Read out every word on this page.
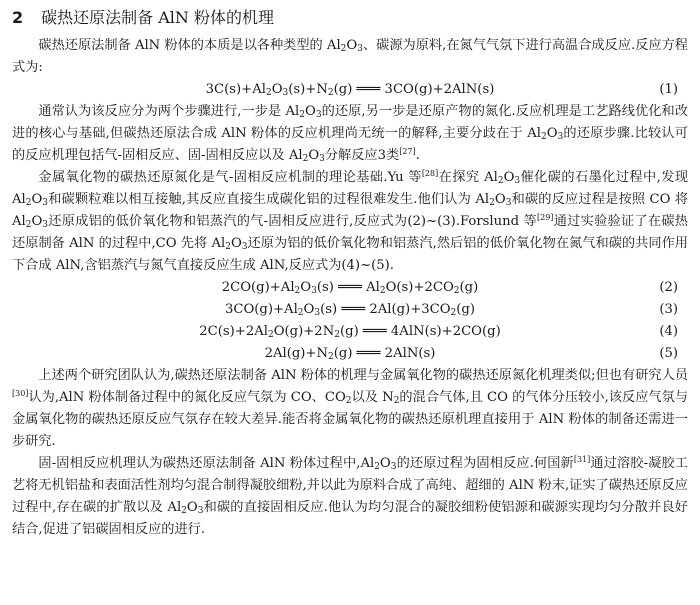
2 碳热还原法制备 AlN 粉体的机理

碳热还原法制备 AlN 粉体的本质是以各种类型的 $Al_2O_3$、碳源为原料,在氮气气氛下进行高温合成反应.反应方程式为:

$3C(s)+Al_2O_3(s)+N_2(g)$ ═══ 3CO(g)+2AlN(s)	(1)

通常认为该反应分为两个步骤进行,一步是 $Al_2O_3$的还原,另一步是还原产物的氮化.反应机理是工艺路线优化和改进的核心与基础,但碳热还原法合成 AlN 粉体的反应机理尚无统一的解释,主要分歧在于 $Al_2O_3$的还原步骤.比较认可的反应机理包括气-固相反应、固-固相反应以及 $Al_2O_3$分解反应3类[27].

金属氧化物的碳热还原氮化是气-固相反应机制的理论基础.Yu 等[28]在探究 $Al_2O_3$催化碳的石墨化过程中,发现 $Al_2O_3$和碳颗粒难以相互接触,其反应直接生成碳化铝的过程很难发生.他们认为 $Al_2O_3$和碳的反应过程是按照 CO 将 $Al_2O_3$还原成铝的低价氧化物和铝蒸汽的气-固相反应进行,反应式为(2)~(3).Forslund 等[29]通过实验验证了在碳热还原制备 AlN 的过程中,CO 先将 $Al_2O_3$还原为铝的低价氧化物和铝蒸汽,然后铝的低价氧化物在氮气和碳的共同作用下合成 AlN,含铝蒸汽与氮气直接反应生成 AlN,反应式为(4)~(5).

$2CO(g)+Al_2O_3(s)$ ═══ $Al_2O(s)+2CO_2(g)$	(2)
$3CO(g)+Al_2O_3(s)$ ═══ $2Al(g)+3CO_2(g)$	(3)
$2C(s)+2Al_2O(g)+2N_2(g)$ ═══ 4AlN(s)+2CO(g)	(4)
$2Al(g)+N_2(g)$ ═══ 2AlN(s)	(5)

上述两个研究团队认为,碳热还原法制备 AlN 粉体的机理与金属氧化物的碳热还原氮化机理类似;但也有研究人员[30]认为,AlN 粉体制备过程中的氮化反应气氛为 CO、$CO_2$以及 $N_2$的混合气体,且 CO 的气体分压较小,该反应气氛与金属氧化物的碳热还原反应气氛存在较大差异.能否将金属氧化物的碳热还原机理直接用于 AlN 粉体的制备还需进一步研究.

固-固相反应机理认为碳热还原法制备 AlN 粉体过程中$,Al_2O_3$的还原过程为固相反应.何国新[31]通过溶胶-凝胶工艺将无机铝盐和表面活性剂均匀混合制得凝胶细粉,并以此为原料合成了高纯、超细的 AlN 粉末,证实了碳热还原反应过程中,存在碳的扩散以及 $Al_2O_3$和碳的直接固相反应.他认为均匀混合的凝胶细粉使铝源和碳源实现均匀分散并良好结合,促进了铝碳固相反应的进行.
